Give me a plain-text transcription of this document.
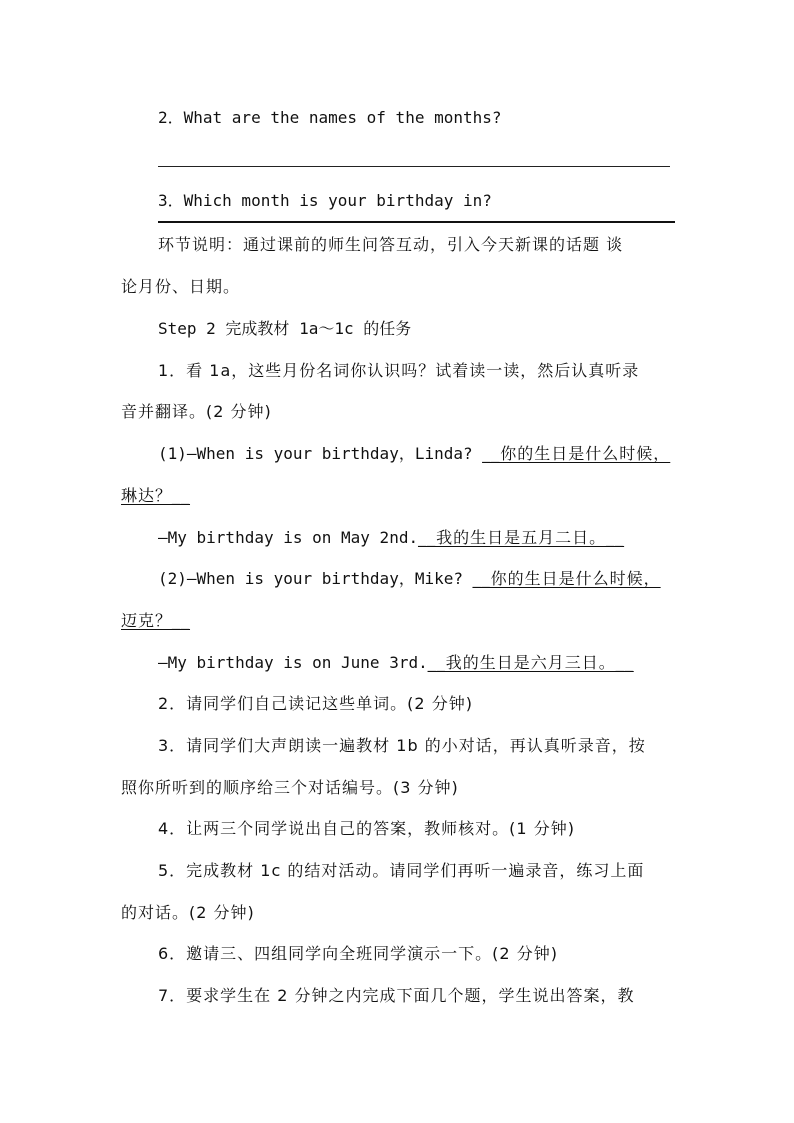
2．What are the names of the months?
3．Which month is your birthday in?
环节说明：通过课前的师生问答互动，引入今天新课的话题 谈
论月份、日期。
Step 2 完成教材 1a～1c 的任务
1．看 1a，这些月份名词你认识吗？试着读一读，然后认真听录
音并翻译。(2 分钟)
(1)—When is your birthday，Linda? __你的生日是什么时候，
琳达？__
—My birthday is on May 2nd.__我的生日是五月二日。__
(2)—When is your birthday，Mike? __你的生日是什么时候，
迈克？__
—My birthday is on June 3rd.__我的生日是六月三日。__
2．请同学们自己读记这些单词。(2 分钟)
3．请同学们大声朗读一遍教材 1b 的小对话，再认真听录音，按
照你所听到的顺序给三个对话编号。(3 分钟)
4．让两三个同学说出自己的答案，教师核对。(1 分钟)
5．完成教材 1c 的结对活动。请同学们再听一遍录音，练习上面
的对话。(2 分钟)
6．邀请三、四组同学向全班同学演示一下。(2 分钟)
7．要求学生在 2 分钟之内完成下面几个题，学生说出答案，教
